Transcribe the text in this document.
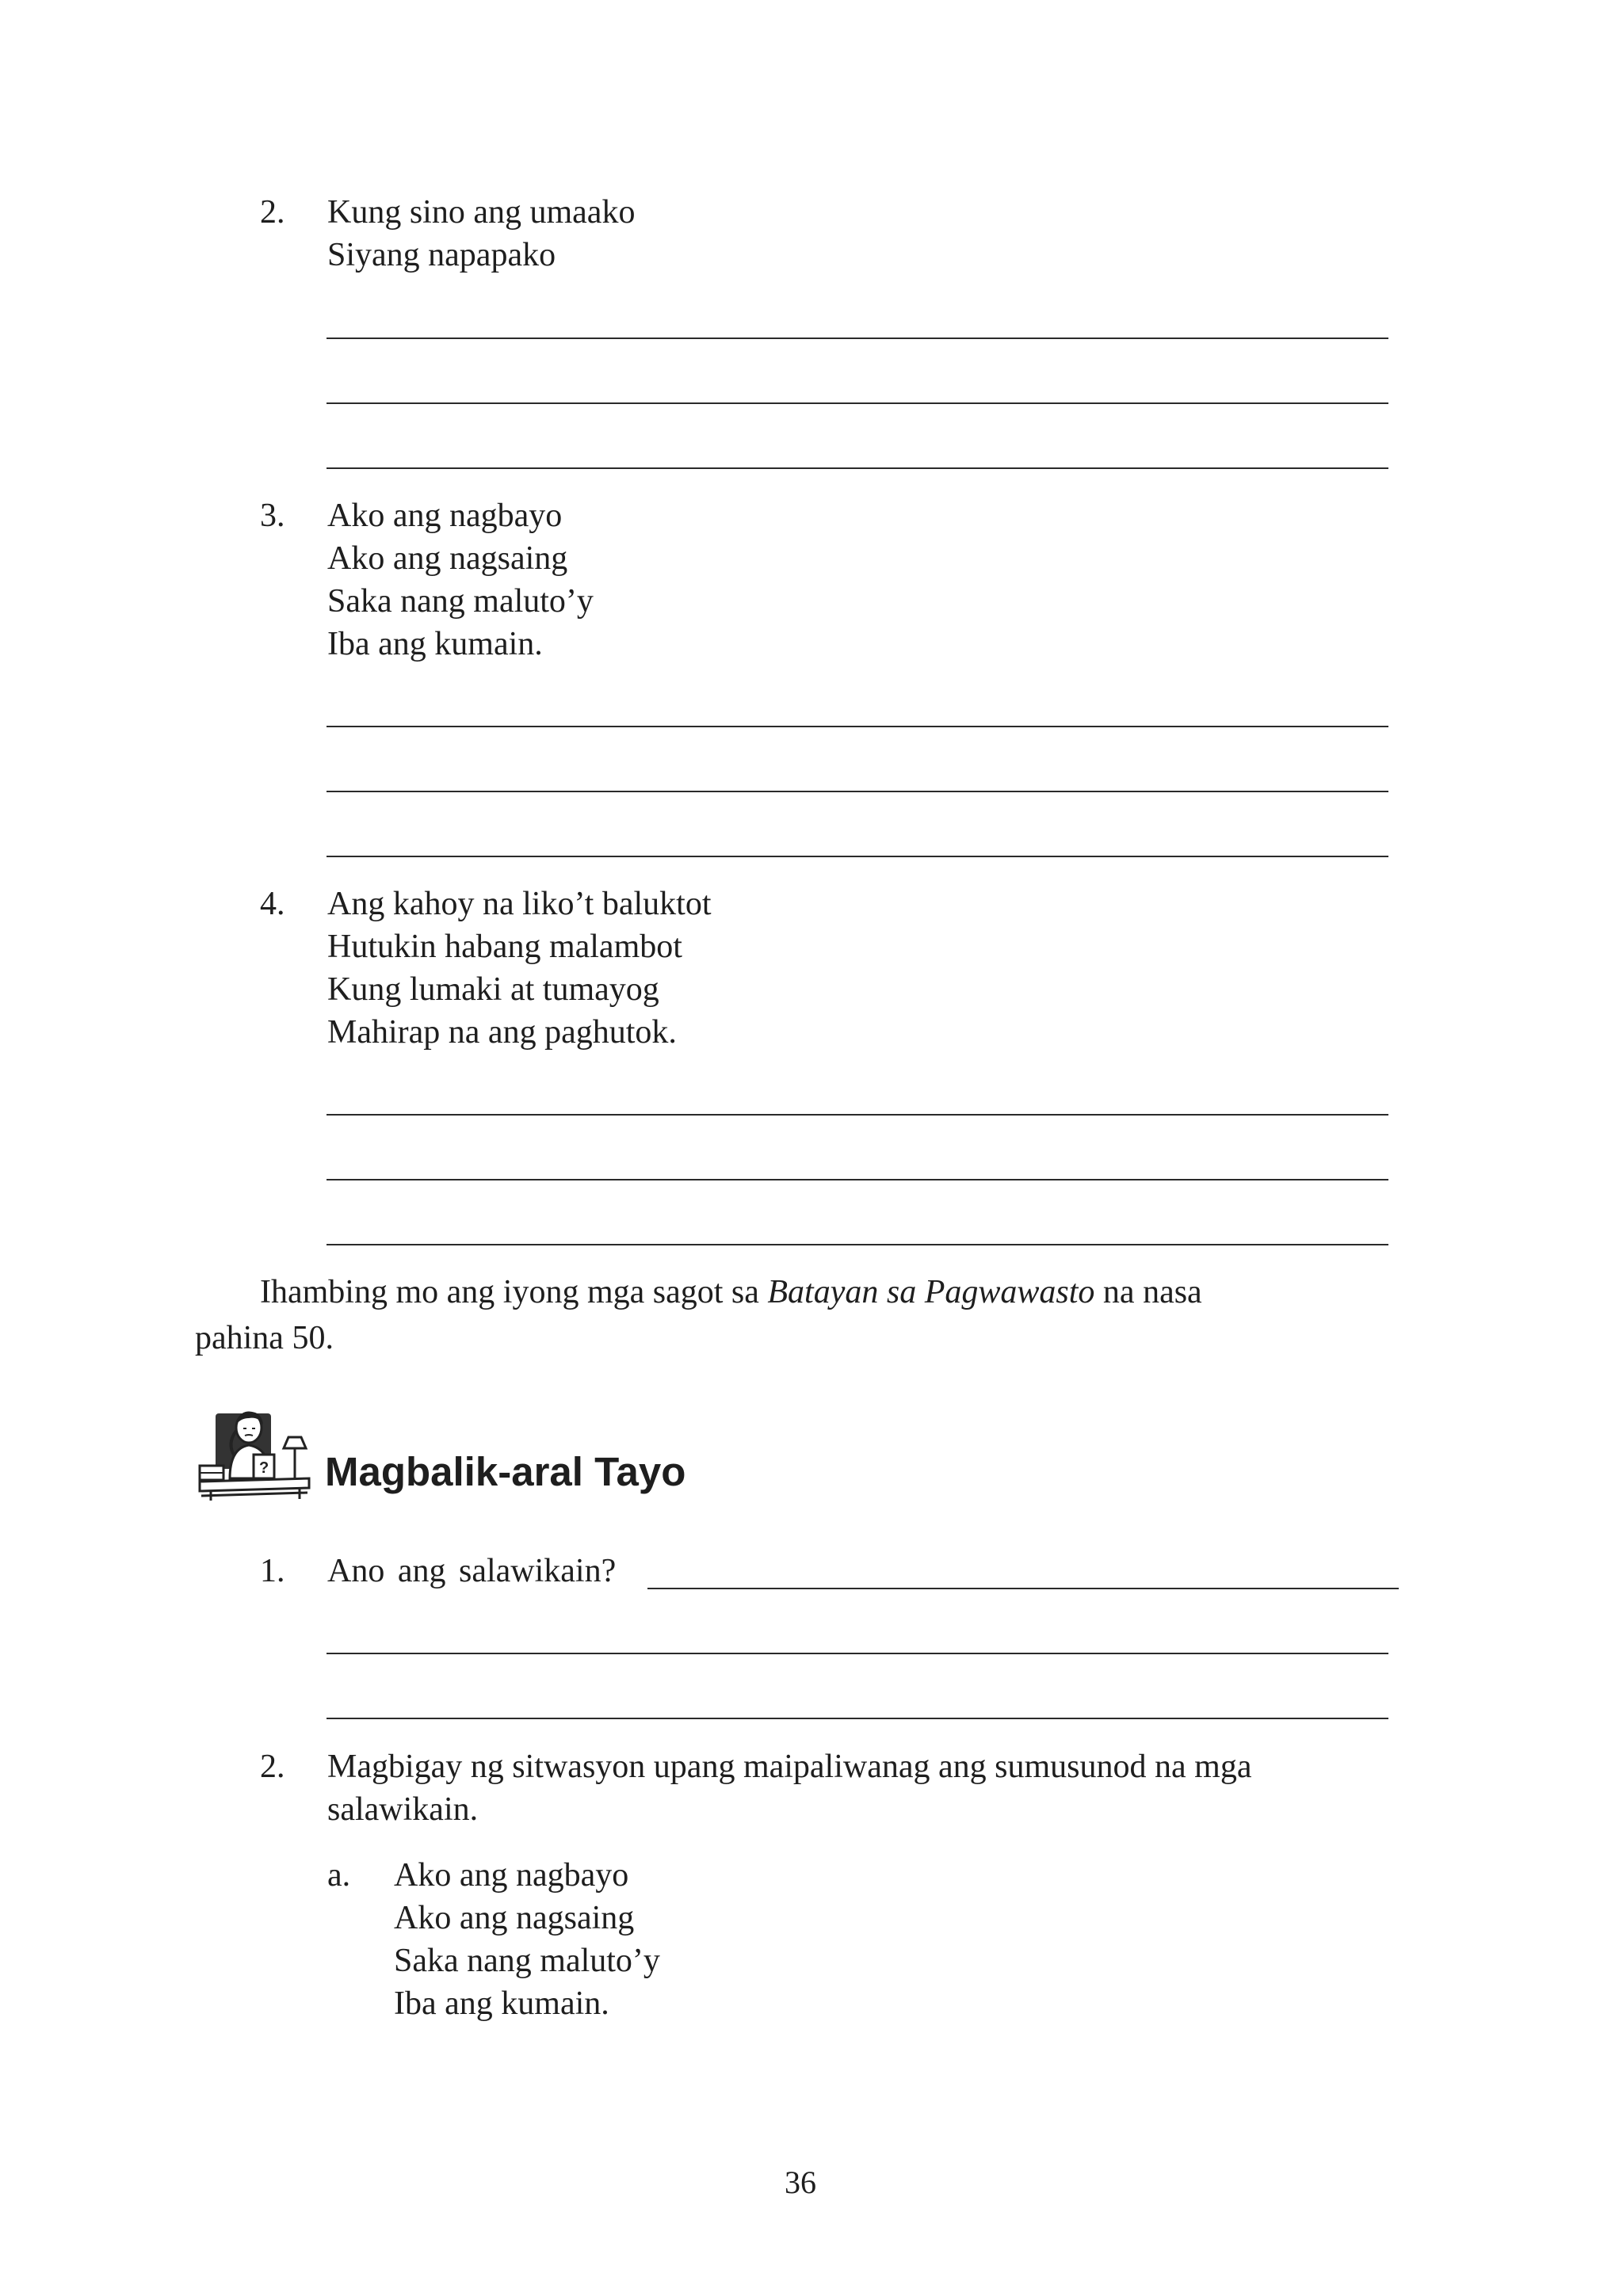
2. Kung sino ang umaako
Siyang napapako
3. Ako ang nagbayo
Ako ang nagsaing
Saka nang maluto’y
Iba ang kumain.
4. Ang kahoy na liko’t baluktot
Hutukin habang malambot
Kung lumaki at tumayog
Mahirap na ang paghutok.
Ihambing mo ang iyong mga sagot sa Batayan sa Pagwawasto na nasa
pahina 50.
? Magbalik-aral Tayo
1. Ano ang salawikain?
2. Magbigay ng sitwasyon upang maipaliwanag ang sumusunod na mga
salawikain.
a. Ako ang nagbayo
Ako ang nagsaing
Saka nang maluto’y
Iba ang kumain.
36
